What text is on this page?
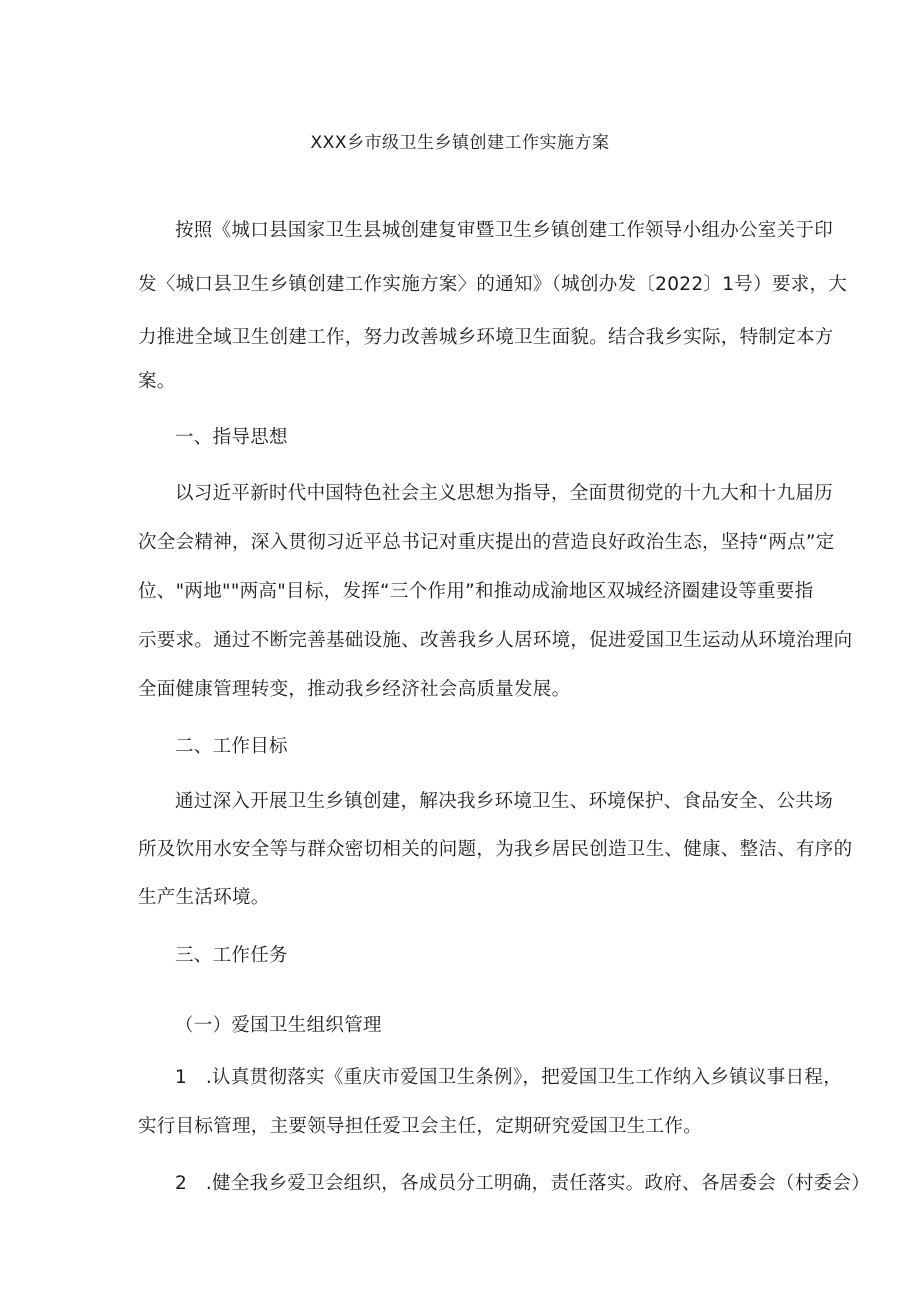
XXX乡市级卫生乡镇创建工作实施方案
按照《城口县国家卫生县城创建复审暨卫生乡镇创建工作领导小组办公室关于印
发〈城口县卫生乡镇创建工作实施方案〉的通知》（城创办发〔2022〕1号）要求，大
力推进全域卫生创建工作，努力改善城乡环境卫生面貌。结合我乡实际，特制定本方
案。
一、指导思想
以习近平新时代中国特色社会主义思想为指导，全面贯彻党的十九大和十九届历
次全会精神，深入贯彻习近平总书记对重庆提出的营造良好政治生态，坚持“两点”定
位、"两地""两高"目标，发挥“三个作用”和推动成渝地区双城经济圈建设等重要指
示要求。通过不断完善基础设施、改善我乡人居环境，促进爱国卫生运动从环境治理向
全面健康管理转变，推动我乡经济社会高质量发展。
二、工作目标
通过深入开展卫生乡镇创建，解决我乡环境卫生、环境保护、食品安全、公共场
所及饮用水安全等与群众密切相关的问题，为我乡居民创造卫生、健康、整洁、有序的
生产生活环境。
三、工作任务
（一）爱国卫生组织管理
1　.认真贯彻落实《重庆市爱国卫生条例》，把爱国卫生工作纳入乡镇议事日程，
实行目标管理，主要领导担任爱卫会主任，定期研究爱国卫生工作。
2　.健全我乡爱卫会组织，各成员分工明确，责任落实。政府、各居委会（村委会）
